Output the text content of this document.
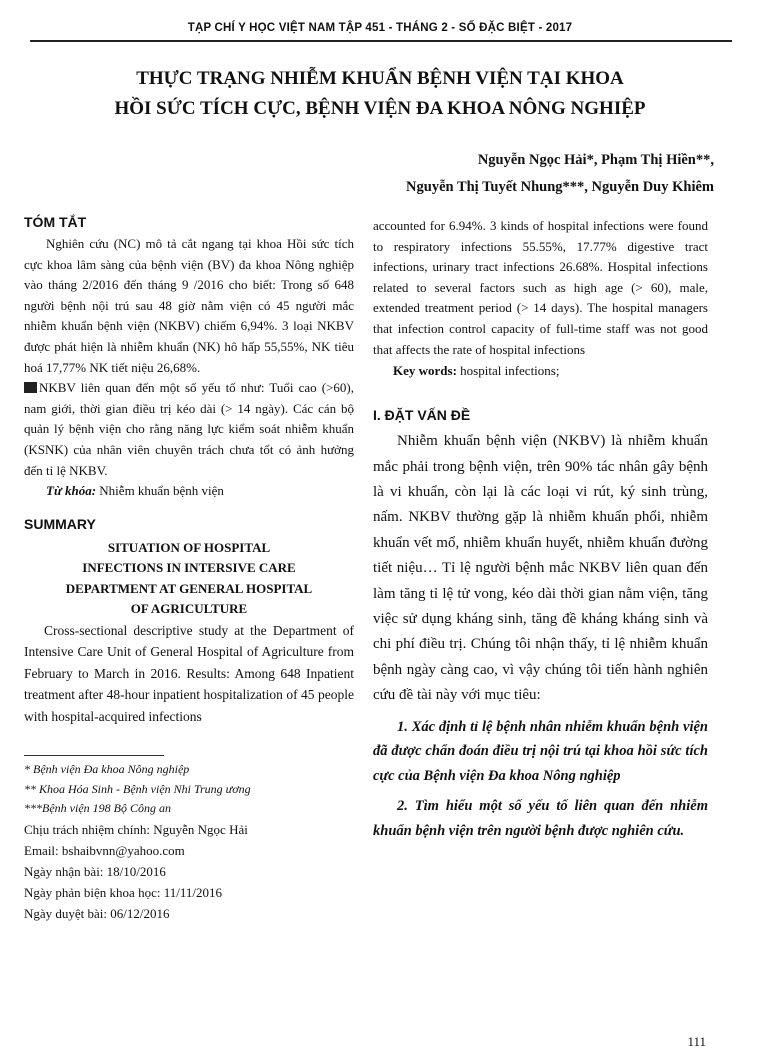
TẠP CHÍ Y HỌC VIỆT NAM TẬP 451 - THÁNG 2 - SỐ ĐẶC BIỆT - 2017
THỰC TRẠNG NHIỄM KHUẨN BỆNH VIỆN TẠI KHOA
HỒI SỨC TÍCH CỰC, BỆNH VIỆN ĐA KHOA NÔNG NGHIỆP
Nguyễn Ngọc Hải*, Phạm Thị Hiền**,
Nguyễn Thị Tuyết Nhung***, Nguyễn Duy Khiêm

TÓM TẮT

Nghiên cứu (NC) mô tả cắt ngang tại khoa Hồi sức tích cực khoa lâm sàng của bệnh viện (BV) đa khoa Nông nghiệp vào tháng 2/2016 đến tháng 9 /2016 cho biết: Trong số 648 người bệnh nội trú sau 48 giờ nằm viện có 45 người mắc nhiễm khuẩn bệnh viện (NKBV) chiếm 6,94%. 3 loại NKBV được phát hiện là nhiễm khuẩn (NK) hô hấp 55,55%, NK tiêu hoá 17,77% NK tiết niệu 26,68%.

NKBV liên quan đến một số yếu tố như: Tuổi cao (>60), nam giới, thời gian điều trị kéo dài (> 14 ngày). Các cán bộ quản lý bệnh viện cho rằng năng lực kiểm soát nhiễm khuẩn (KSNK) của nhân viên chuyên trách chưa tốt có ảnh hưởng đến tỉ lệ NKBV.

Từ khóa: Nhiễm khuẩn bệnh viện

SUMMARY

SITUATION OF HOSPITAL
INFECTIONS IN INTERSIVE CARE
DEPARTMENT AT GENERAL HOSPITAL
OF AGRICULTURE

Cross-sectional descriptive study at the Department of Intensive Care Unit of General Hospital of Agriculture from February to March in 2016. Results: Among 648 Inpatient treatment after 48-hour inpatient hospitalization of 45 people with hospital-acquired infections

* Bệnh viện Đa khoa Nông nghiệp

** Khoa Hóa Sinh - Bệnh viện Nhi Trung ương

***Bệnh viện 198 Bộ Công an

Chịu trách nhiệm chính: Nguyễn Ngọc Hải

Email: bshaibvnn@yahoo.com

Ngày nhận bài: 18/10/2016

Ngày phản biện khoa học: 11/11/2016

Ngày duyệt bài: 06/12/2016

accounted for 6.94%. 3 kinds of hospital infections were found to respiratory infections 55.55%, 17.77% digestive tract infections, urinary tract infections 26.68%. Hospital infections related to several factors such as high age (> 60), male, extended treatment period (> 14 days). The hospital managers that infection control capacity of full-time staff was not good that affects the rate of hospital infections

Key words: hospital infections;

I. ĐẶT VẤN ĐỀ

Nhiễm khuẩn bệnh viện (NKBV) là nhiễm khuẩn mắc phải trong bệnh viện, trên 90% tác nhân gây bệnh là vi khuẩn, còn lại là các loại vi rút, ký sinh trùng, nấm. NKBV thường gặp là nhiễm khuẩn phổi, nhiễm khuẩn vết mổ, nhiễm khuẩn huyết, nhiễm khuẩn đường tiết niệu… Tỉ lệ người bệnh mắc NKBV liên quan đến làm tăng tỉ lệ tử vong, kéo dài thời gian nằm viện, tăng việc sử dụng kháng sinh, tăng đề kháng kháng sinh và chi phí điều trị. Chúng tôi nhận thấy, tỉ lệ nhiễm khuẩn bệnh ngày càng cao, vì vậy chúng tôi tiến hành nghiên cứu đề tài này với mục tiêu:

1. Xác định tỉ lệ bệnh nhân nhiễm khuẩn bệnh viện đã được chẩn đoán điều trị nội trú tại khoa hồi sức tích cực của Bệnh viện Đa khoa Nông nghiệp

2. Tìm hiểu một số yếu tố liên quan đến nhiễm khuẩn bệnh viện trên người bệnh được nghiên cứu.

111
